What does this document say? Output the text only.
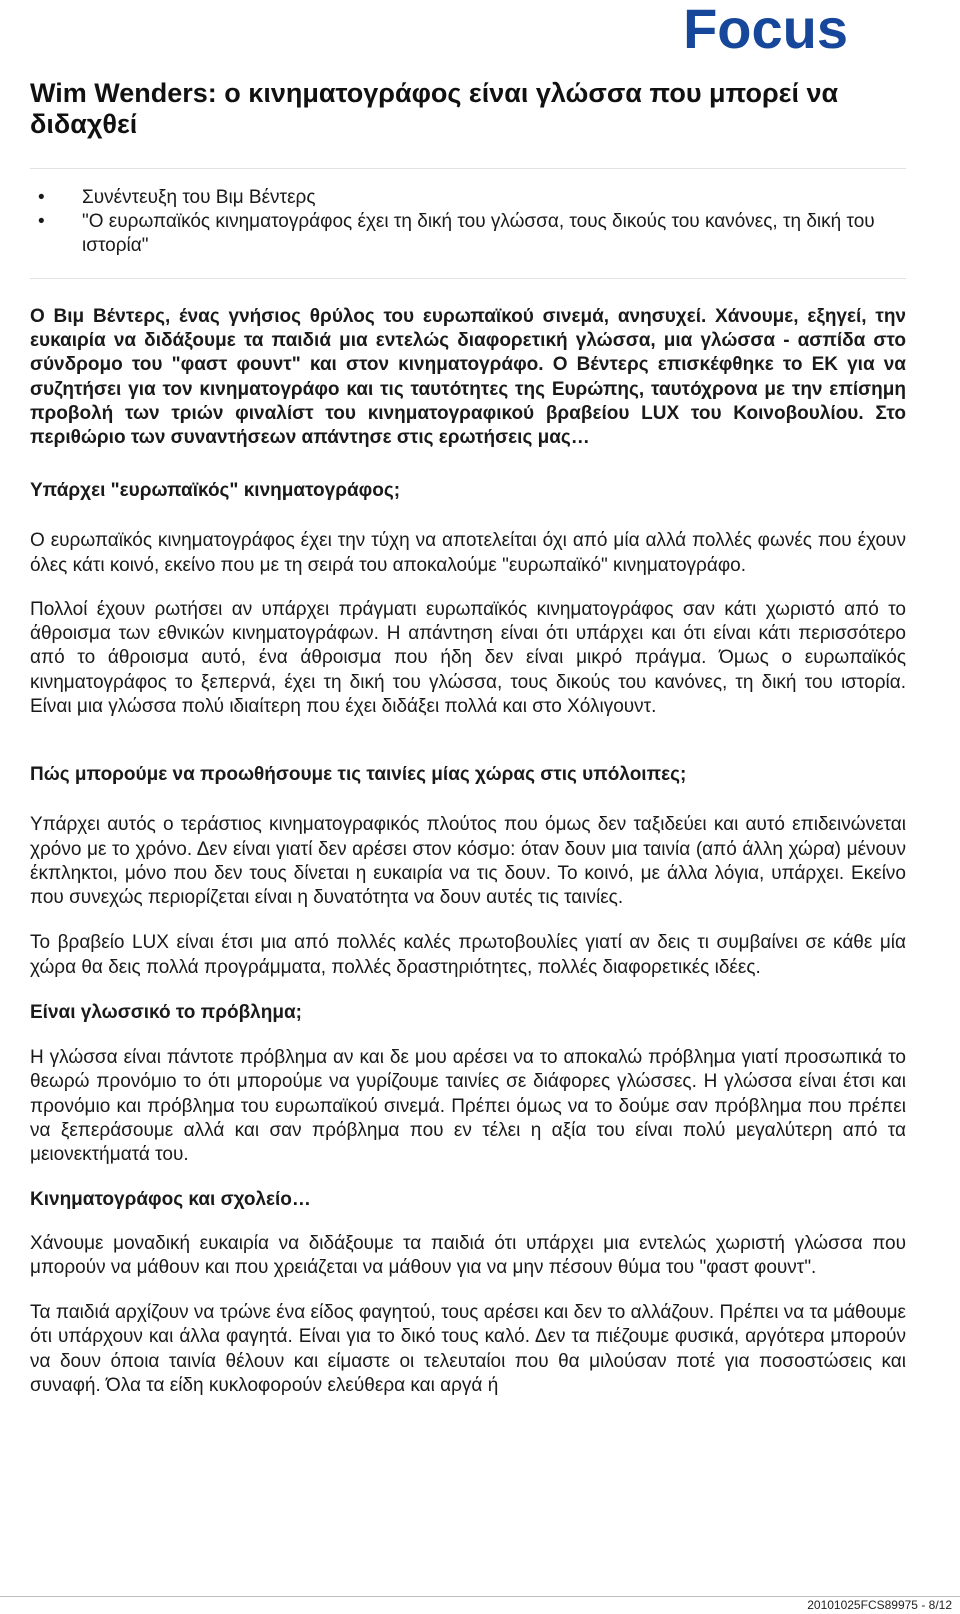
Focus
Wim Wenders: ο κινηματογράφος είναι γλώσσα που μπορεί να διδαχθεί
• Συνέντευξη του Βιμ Βέντερς
• "Ο ευρωπαϊκός κινηματογράφος έχει τη δική του γλώσσα, τους δικούς του κανόνες, τη δική του ιστορία"

Ο Βιμ Βέντερς, ένας γνήσιος θρύλος του ευρωπαϊκού σινεμά, ανησυχεί. Χάνουμε, εξηγεί, την ευκαιρία να διδάξουμε τα παιδιά μια εντελώς διαφορετική γλώσσα, μια γλώσσα - ασπίδα στο σύνδρομο του "φαστ φουντ" και στον κινηματογράφο. Ο Βέντερς επισκέφθηκε το ΕΚ για να συζητήσει για τον κινηματογράφο και τις ταυτότητες της Ευρώπης, ταυτόχρονα με την επίσημη προβολή των τριών φιναλίστ του κινηματογραφικού βραβείου LUX του Κοινοβουλίου. Στο περιθώριο των συναντήσεων απάντησε στις ερωτήσεις μας…

Υπάρχει "ευρωπαϊκός" κινηματογράφος;

Ο ευρωπαϊκός κινηματογράφος έχει την τύχη να αποτελείται όχι από μία αλλά πολλές φωνές που έχουν όλες κάτι κοινό, εκείνο που με τη σειρά του αποκαλούμε "ευρωπαϊκό" κινηματογράφο.

Πολλοί έχουν ρωτήσει αν υπάρχει πράγματι ευρωπαϊκός κινηματογράφος σαν κάτι χωριστό από το άθροισμα των εθνικών κινηματογράφων. Η απάντηση είναι ότι υπάρχει και ότι είναι κάτι περισσότερο από το άθροισμα αυτό, ένα άθροισμα που ήδη δεν είναι μικρό πράγμα. Όμως ο ευρωπαϊκός κινηματογράφος το ξεπερνά, έχει τη δική του γλώσσα, τους δικούς του κανόνες, τη δική του ιστορία. Είναι μια γλώσσα πολύ ιδιαίτερη που έχει διδάξει πολλά και στο Χόλιγουντ.

Πώς μπορούμε να προωθήσουμε τις ταινίες μίας χώρας στις υπόλοιπες;

Υπάρχει αυτός ο τεράστιος κινηματογραφικός πλούτος που όμως δεν ταξιδεύει και αυτό επιδεινώνεται χρόνο με το χρόνο. Δεν είναι γιατί δεν αρέσει στον κόσμο: όταν δουν μια ταινία (από άλλη χώρα) μένουν έκπληκτοι, μόνο που δεν τους δίνεται η ευκαιρία να τις δουν. Το κοινό, με άλλα λόγια, υπάρχει. Εκείνο που συνεχώς περιορίζεται είναι η δυνατότητα να δουν αυτές τις ταινίες.

Το βραβείο LUX είναι έτσι μια από πολλές καλές πρωτοβουλίες γιατί αν δεις τι συμβαίνει σε κάθε μία χώρα θα δεις πολλά προγράμματα, πολλές δραστηριότητες, πολλές διαφορετικές ιδέες.

Είναι γλωσσικό το πρόβλημα;

Η γλώσσα είναι πάντοτε πρόβλημα αν και δε μου αρέσει να το αποκαλώ πρόβλημα γιατί προσωπικά το θεωρώ προνόμιο το ότι μπορούμε να γυρίζουμε ταινίες σε διάφορες γλώσσες. Η γλώσσα είναι έτσι και προνόμιο και πρόβλημα του ευρωπαϊκού σινεμά. Πρέπει όμως να το δούμε σαν πρόβλημα που πρέπει να ξεπεράσουμε αλλά και σαν πρόβλημα που εν τέλει η αξία του είναι πολύ μεγαλύτερη από τα μειονεκτήματά του.

Κινηματογράφος και σχολείο…

Χάνουμε μοναδική ευκαιρία να διδάξουμε τα παιδιά ότι υπάρχει μια εντελώς χωριστή γλώσσα που μπορούν να μάθουν και που χρειάζεται να μάθουν για να μην πέσουν θύμα του "φαστ φουντ".

Τα παιδιά αρχίζουν να τρώνε ένα είδος φαγητού, τους αρέσει και δεν το αλλάζουν. Πρέπει να τα μάθουμε ότι υπάρχουν και άλλα φαγητά. Είναι για το δικό τους καλό. Δεν τα πιέζουμε φυσικά, αργότερα μπορούν να δουν όποια ταινία θέλουν και είμαστε οι τελευταίοι που θα μιλούσαν ποτέ για ποσοστώσεις και συναφή. Όλα τα είδη κυκλοφορούν ελεύθερα και αργά ή

20101025FCS89975 - 8/12
